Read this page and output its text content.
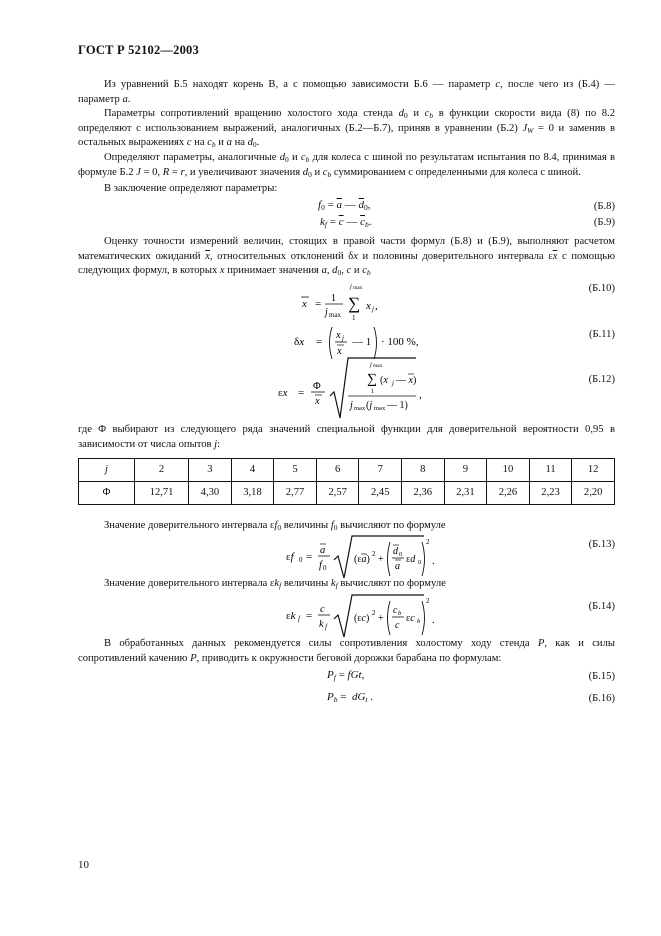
ГОСТ Р 52102—2003
Из уравнений Б.5 находят корень В, а с помощью зависимости Б.6 — параметр c, после чего из (Б.4) — параметр a.
Параметры сопротивлений вращению холостого хода стенда $d_0$ и $c_b$ в функции скорости вида (8) по 8.2 определяют с использованием выражений, аналогичных (Б.2—Б.7), приняв в уравнении (Б.2) $J_W = 0$ и заменив в остальных выражениях c на $c_b$ и a на $d_0$.
Определяют параметры, аналогичные $d_0$ и $c_b$ для колеса с шиной по результатам испытания по 8.4, принимая в формуле Б.2 J = 0, R = r, и увеличивают значения $d_0$ и $c_b$ суммированием с определенными для колеса с шиной.
В заключение определяют параметры:
$f_0 = \overline{a}$ — $\overline{d}_0$,	(Б.8)
$k_f = \overline{c}$ — $\overline{c}_b$.	(Б.9)
Оценку точности измерений величин, стоящих в правой части формул (Б.8) и (Б.9), выполняют расчетом математических ожиданий $\overline{x}$, относительных отклонений δx и половины доверительного интервала $\varepsilon\overline{x}$ с помощью следующих формул, в которых x принимает значения a, $d_0$, c и $c_b$
x = 1
j max
j max
∑
1
x j ,
(Б.10)
δx =
x j
x
— 1 · 100 %,
(Б.11)
εx =
Φ
x
j max
∑ (x j — x)
1
j max (j max — 1)
,
(Б.12)
где Φ выбирают из следующего ряда значений специальной функции для доверительной вероятности 0,95 в зависимости от числа опытов j:
j	2	3	4	5	6	7	8	9	10	11	12
Φ	12,71	4,30	3,18	2,77	2,57	2,45	2,36	2,31	2,26	2,23	2,20
Значение доверительного интервала $\varepsilon f_0$ величины $f_0$ вычисляют по формуле
εf 0 =
a
f 0
(εa) 2 +
d 0
a
εd 0
2
.
(Б.13)
Значение доверительного интервала $\varepsilon k_f$ величины $k_f$ вычисляют по формуле
εk f =
c
k f
(εc) 2 +
c b
c
εc b
2
.
(Б.14)
В обработанных данных рекомендуется силы сопротивления холостому ходу стенда P, как и силы сопротивлений качению P, приводить к окружности беговой дорожки барабана по формулам:
$P_f$ = fGt,	(Б.15)
$P_b = dG_t$ .	(Б.16)
10
